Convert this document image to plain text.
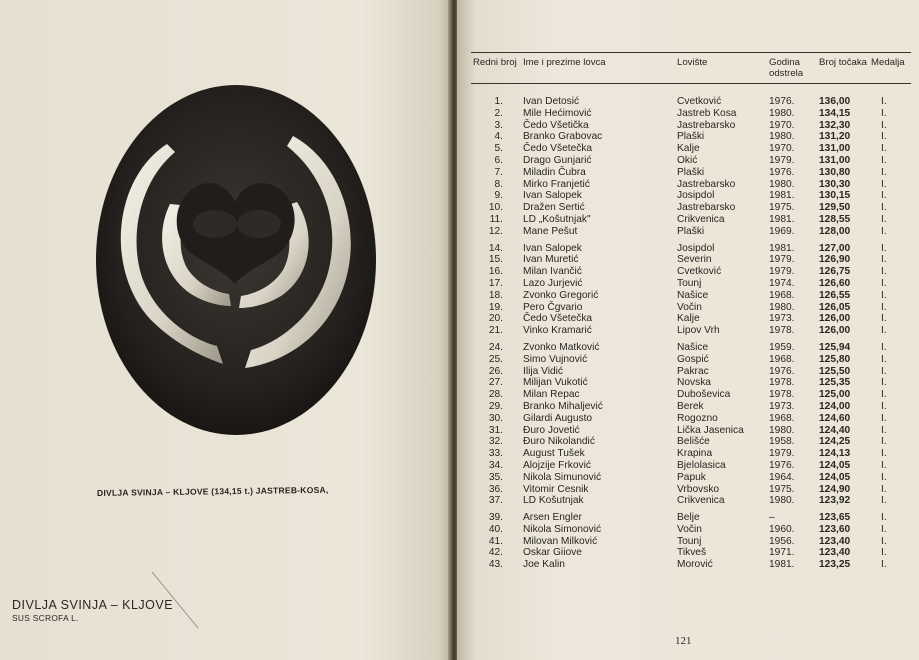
DIVLJA SVINJA – KLJOVE (134,15 t.) JASTREB-KOSA,
DIVLJA SVINJA – KLJOVE
SUS SCROFA L.
Redni broj	Ime i prezime lovca	Lovište	Godina odstrela	Broj točaka	Medalja

1.	Ivan Detosić	Cvetković	1976.	136,00	I.
2.	Mile Hećimović	Jastreb Kosa	1980.	134,15	I.
3.	Čedo Všetička	Jastrebarsko	1970.	132,30	I.
4.	Branko Grabovac	Plaški	1980.	131,20	I.
5.	Čedo Všetečka	Kalje	1970.	131,00	I.
6.	Drago Gunjarić	Okić	1979.	131,00	I.
7.	Miladin Čubra	Plaški	1976.	130,80	I.
8.	Mirko Franjetić	Jastrebarsko	1980.	130,30	I.
9.	Ivan Salopek	Josipdol	1981.	130,15	I.
10.	Dražen Sertić	Jastrebarsko	1975.	129,50	I.
11.	LD „Košutnjak"	Crikvenica	1981.	128,55	I.
12.	Mane Pešut	Plaški	1969.	128,00	I.
14.	Ivan Salopek	Josipdol	1981.	127,00	I.
15.	Ivan Muretić	Severin	1979.	126,90	I.
16.	Milan Ivančić	Cvetković	1979.	126,75	I.
17.	Lazo Jurjević	Tounj	1974.	126,60	I.
18.	Zvonko Gregorić	Našice	1968.	126,55	I.
19.	Pero Čgvario	Vočin	1980.	126,05	I.
20.	Čedo Všetečka	Kalje	1973.	126,00	I.
21.	Vinko Kramarić	Lipov Vrh	1978.	126,00	I.
24.	Zvonko Matković	Našice	1959.	125,94	I.
25.	Simo Vujnović	Gospić	1968.	125,80	I.
26.	Ilija Vidić	Pakrac	1976.	125,50	I.
27.	Milijan Vukotić	Novska	1978.	125,35	I.
28.	Milan Repac	Duboševica	1978.	125,00	I.
29.	Branko Mihaljević	Berek	1973.	124,00	I.
30.	Gilardi Augusto	Rogozno	1968.	124,60	I.
31.	Đuro Jovetić	Lička Jasenica	1980.	124,40	I.
32.	Đuro Nikolandić	Belišće	1958.	124,25	I.
33.	August Tušek	Krapina	1979.	124,13	I.
34.	Alojzije Frković	Bjelolasica	1976.	124,05	I.
35.	Nikola Simunović	Papuk	1964.	124,05	I.
36.	Vitomir Cesnik	Vrbovsko	1975.	124,90	I.
37.	LD Košutnjak	Crikvenica	1980.	123,92	I.
39.	Arsen Engler	Belje	–	123,65	I.
40.	Nikola Simonović	Vočin	1960.	123,60	I.
41.	Milovan Milković	Tounj	1956.	123,40	I.
42.	Oskar Giiove	Tikveš	1971.	123,40	I.
43.	Joe Kalin	Morović	1981.	123,25	I.
121
